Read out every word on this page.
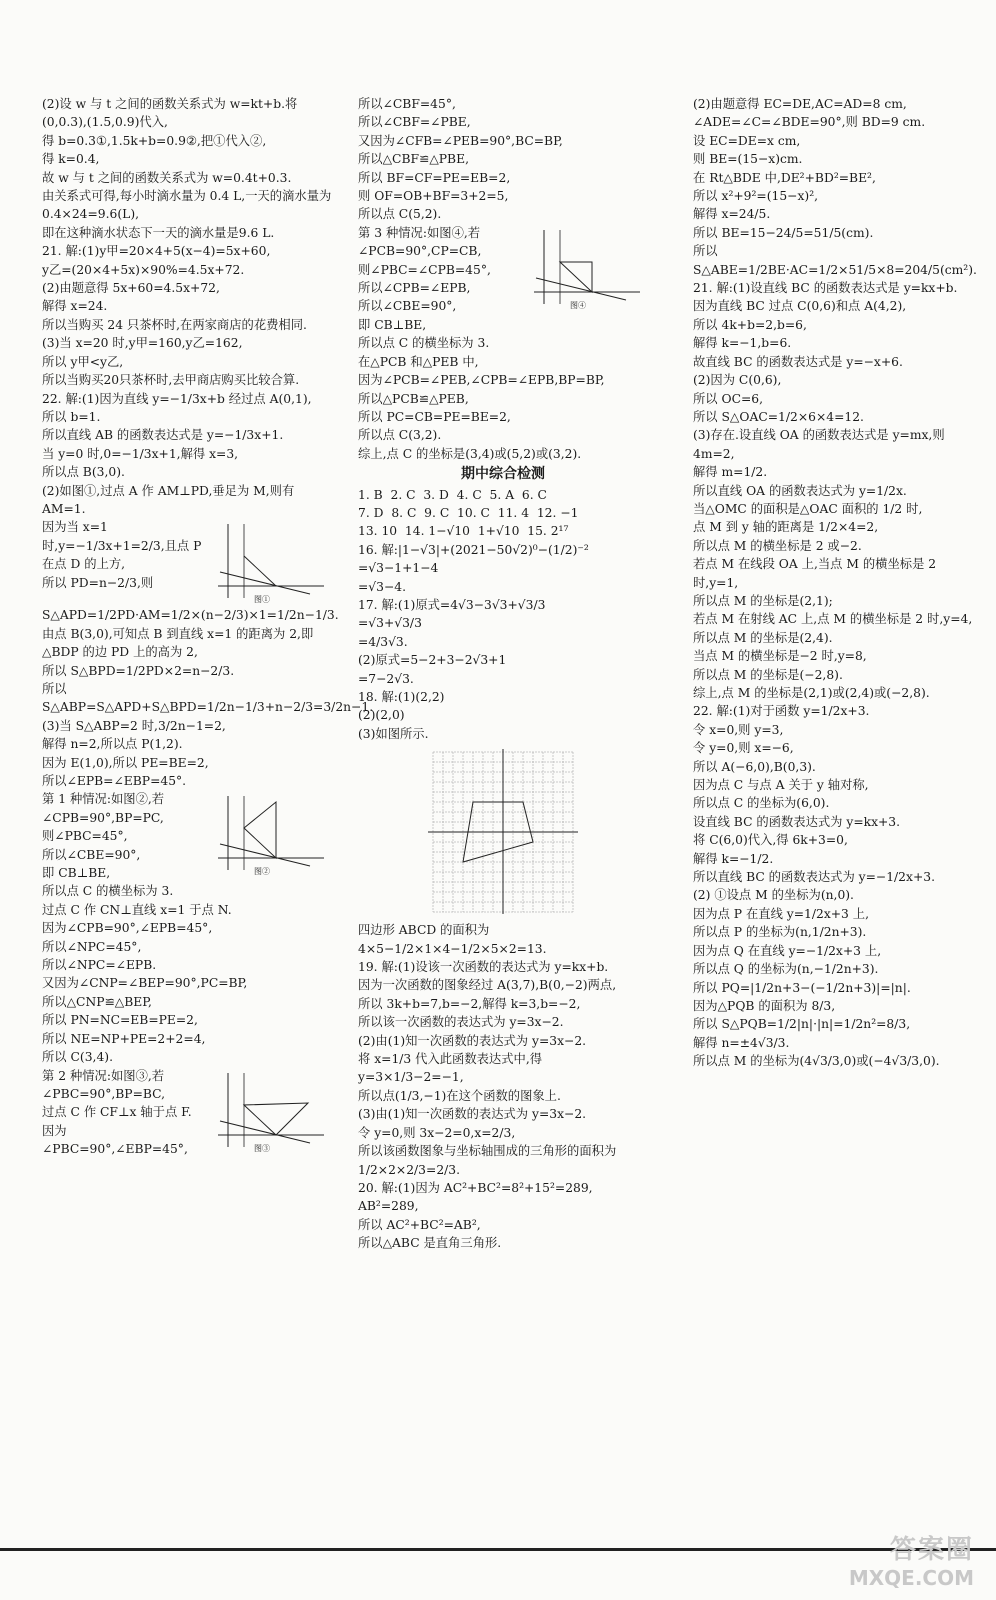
(2)设 w 与 t 之间的函数关系式为 w=kt+b.将(0,0.3),(1.5,0.9)代入,

得 b=0.3①,1.5k+b=0.9②,把①代入②,

得 k=0.4,

故 w 与 t 之间的函数关系式为 w=0.4t+0.3.

由关系式可得,每小时滴水量为 0.4 L,一天的滴水量为 0.4×24=9.6(L),

即在这种滴水状态下一天的滴水量是9.6 L.

21. 解:(1)y甲=20×4+5(x−4)=5x+60,

y乙=(20×4+5x)×90%=4.5x+72.

(2)由题意得 5x+60=4.5x+72,

解得 x=24.

所以当购买 24 只茶杯时,在两家商店的花费相同.

(3)当 x=20 时,y甲=160,y乙=162,

所以 y甲<y乙,

所以当购买20只茶杯时,去甲商店购买比较合算.

22. 解:(1)因为直线 y=−1/3x+b 经过点 A(0,1),

所以 b=1.

所以直线 AB 的函数表达式是 y=−1/3x+1.

当 y=0 时,0=−1/3x+1,解得 x=3,

所以点 B(3,0).

(2)如图①,过点 A 作 AM⊥PD,垂足为 M,则有 AM=1.

图①

因为当 x=1 时,y=−1/3x+1=2/3,且点 P 在点 D 的上方,

所以 PD=n−2/3,则 S△APD=1/2PD·AM=1/2×(n−2/3)×1=1/2n−1/3.

由点 B(3,0),可知点 B 到直线 x=1 的距离为 2,即△BDP 的边 PD 上的高为 2,

所以 S△BPD=1/2PD×2=n−2/3.

所以 S△ABP=S△APD+S△BPD=1/2n−1/3+n−2/3=3/2n−1.

(3)当 S△ABP=2 时,3/2n−1=2,

解得 n=2,所以点 P(1,2).

因为 E(1,0),所以 PE=BE=2,

所以∠EPB=∠EBP=45°.

图②

第 1 种情况:如图②,若∠CPB=90°,BP=PC,

则∠PBC=45°,

所以∠CBE=90°,

即 CB⊥BE,

所以点 C 的横坐标为 3.

过点 C 作 CN⊥直线 x=1 于点 N.

因为∠CPB=90°,∠EPB=45°,

所以∠NPC=45°,

所以∠NPC=∠EPB.

又因为∠CNP=∠BEP=90°,PC=BP,

所以△CNP≌△BEP,

所以 PN=NC=EB=PE=2,

所以 NE=NP+PE=2+2=4,

所以 C(3,4).

图③

第 2 种情况:如图③,若∠PBC=90°,BP=BC,

过点 C 作 CF⊥x 轴于点 F.

因为∠PBC=90°,∠EBP=45°,

所以∠CBF=45°,

所以∠CBF=∠PBE,

又因为∠CFB=∠PEB=90°,BC=BP,

所以△CBF≌△PBE,

所以 BF=CF=PE=EB=2,

则 OF=OB+BF=3+2=5,

所以点 C(5,2).

图④

第 3 种情况:如图④,若∠PCB=90°,CP=CB,

则∠PBC=∠CPB=45°,

所以∠CPB=∠EPB,

所以∠CBE=90°,

即 CB⊥BE,

所以点 C 的横坐标为 3.

在△PCB 和△PEB 中,

因为∠PCB=∠PEB,∠CPB=∠EPB,BP=BP,

所以△PCB≌△PEB,

所以 PC=CB=PE=BE=2,

所以点 C(3,2).

综上,点 C 的坐标是(3,4)或(5,2)或(3,2).

期中综合检测

1. B  2. C  3. D  4. C  5. A  6. C

7. D  8. C  9. C  10. C  11. 4  12. −1

13. 10  14. 1−√10  1+√10  15. 2¹⁷

16. 解:|1−√3|+(2021−50√2)⁰−(1/2)⁻²

=√3−1+1−4

=√3−4.

17. 解:(1)原式=4√3−3√3+√3/3

=√3+√3/3

=4/3√3.

(2)原式=5−2+3−2√3+1

=7−2√3.

18. 解:(1)(2,2)

(2)(2,0)

(3)如图所示.

四边形 ABCD 的面积为 4×5−1/2×1×4−1/2×5×2=13.

19. 解:(1)设该一次函数的表达式为 y=kx+b.

因为一次函数的图象经过 A(3,7),B(0,−2)两点,

所以 3k+b=7,b=−2,解得 k=3,b=−2,

所以该一次函数的表达式为 y=3x−2.

(2)由(1)知一次函数的表达式为 y=3x−2.

将 x=1/3 代入此函数表达式中,得 y=3×1/3−2=−1,

所以点(1/3,−1)在这个函数的图象上.

(3)由(1)知一次函数的表达式为 y=3x−2.

令 y=0,则 3x−2=0,x=2/3,

所以该函数图象与坐标轴围成的三角形的面积为 1/2×2×2/3=2/3.

20. 解:(1)因为 AC²+BC²=8²+15²=289,

AB²=289,

所以 AC²+BC²=AB²,

所以△ABC 是直角三角形.

(2)由题意得 EC=DE,AC=AD=8 cm,

∠ADE=∠C=∠BDE=90°,则 BD=9 cm.

设 EC=DE=x cm,

则 BE=(15−x)cm.

在 Rt△BDE 中,DE²+BD²=BE²,

所以 x²+9²=(15−x)²,

解得 x=24/5.

所以 BE=15−24/5=51/5(cm).

所以 S△ABE=1/2BE·AC=1/2×51/5×8=204/5(cm²).

21. 解:(1)设直线 BC 的函数表达式是 y=kx+b.

因为直线 BC 过点 C(0,6)和点 A(4,2),

所以 4k+b=2,b=6,

解得 k=−1,b=6.

故直线 BC 的函数表达式是 y=−x+6.

(2)因为 C(0,6),

所以 OC=6,

所以 S△OAC=1/2×6×4=12.

(3)存在.设直线 OA 的函数表达式是 y=mx,则4m=2,

解得 m=1/2.

所以直线 OA 的函数表达式为 y=1/2x.

当△OMC 的面积是△OAC 面积的 1/2 时,

点 M 到 y 轴的距离是 1/2×4=2,

所以点 M 的横坐标是 2 或−2.

若点 M 在线段 OA 上,当点 M 的横坐标是 2 时,y=1,

所以点 M 的坐标是(2,1);

若点 M 在射线 AC 上,点 M 的横坐标是 2 时,y=4,所以点 M 的坐标是(2,4).

当点 M 的横坐标是−2 时,y=8,

所以点 M 的坐标是(−2,8).

综上,点 M 的坐标是(2,1)或(2,4)或(−2,8).

22. 解:(1)对于函数 y=1/2x+3.

令 x=0,则 y=3,

令 y=0,则 x=−6,

所以 A(−6,0),B(0,3).

因为点 C 与点 A 关于 y 轴对称,

所以点 C 的坐标为(6,0).

设直线 BC 的函数表达式为 y=kx+3.

将 C(6,0)代入,得 6k+3=0,

解得 k=−1/2.

所以直线 BC 的函数表达式为 y=−1/2x+3.

(2) ①设点 M 的坐标为(n,0).

因为点 P 在直线 y=1/2x+3 上,

所以点 P 的坐标为(n,1/2n+3).

因为点 Q 在直线 y=−1/2x+3 上,

所以点 Q 的坐标为(n,−1/2n+3).

所以 PQ=|1/2n+3−(−1/2n+3)|=|n|.

因为△PQB 的面积为 8/3,

所以 S△PQB=1/2|n|·|n|=1/2n²=8/3,

解得 n=±4√3/3.

所以点 M 的坐标为(4√3/3,0)或(−4√3/3,0).

答案圈
MXQE.COM
